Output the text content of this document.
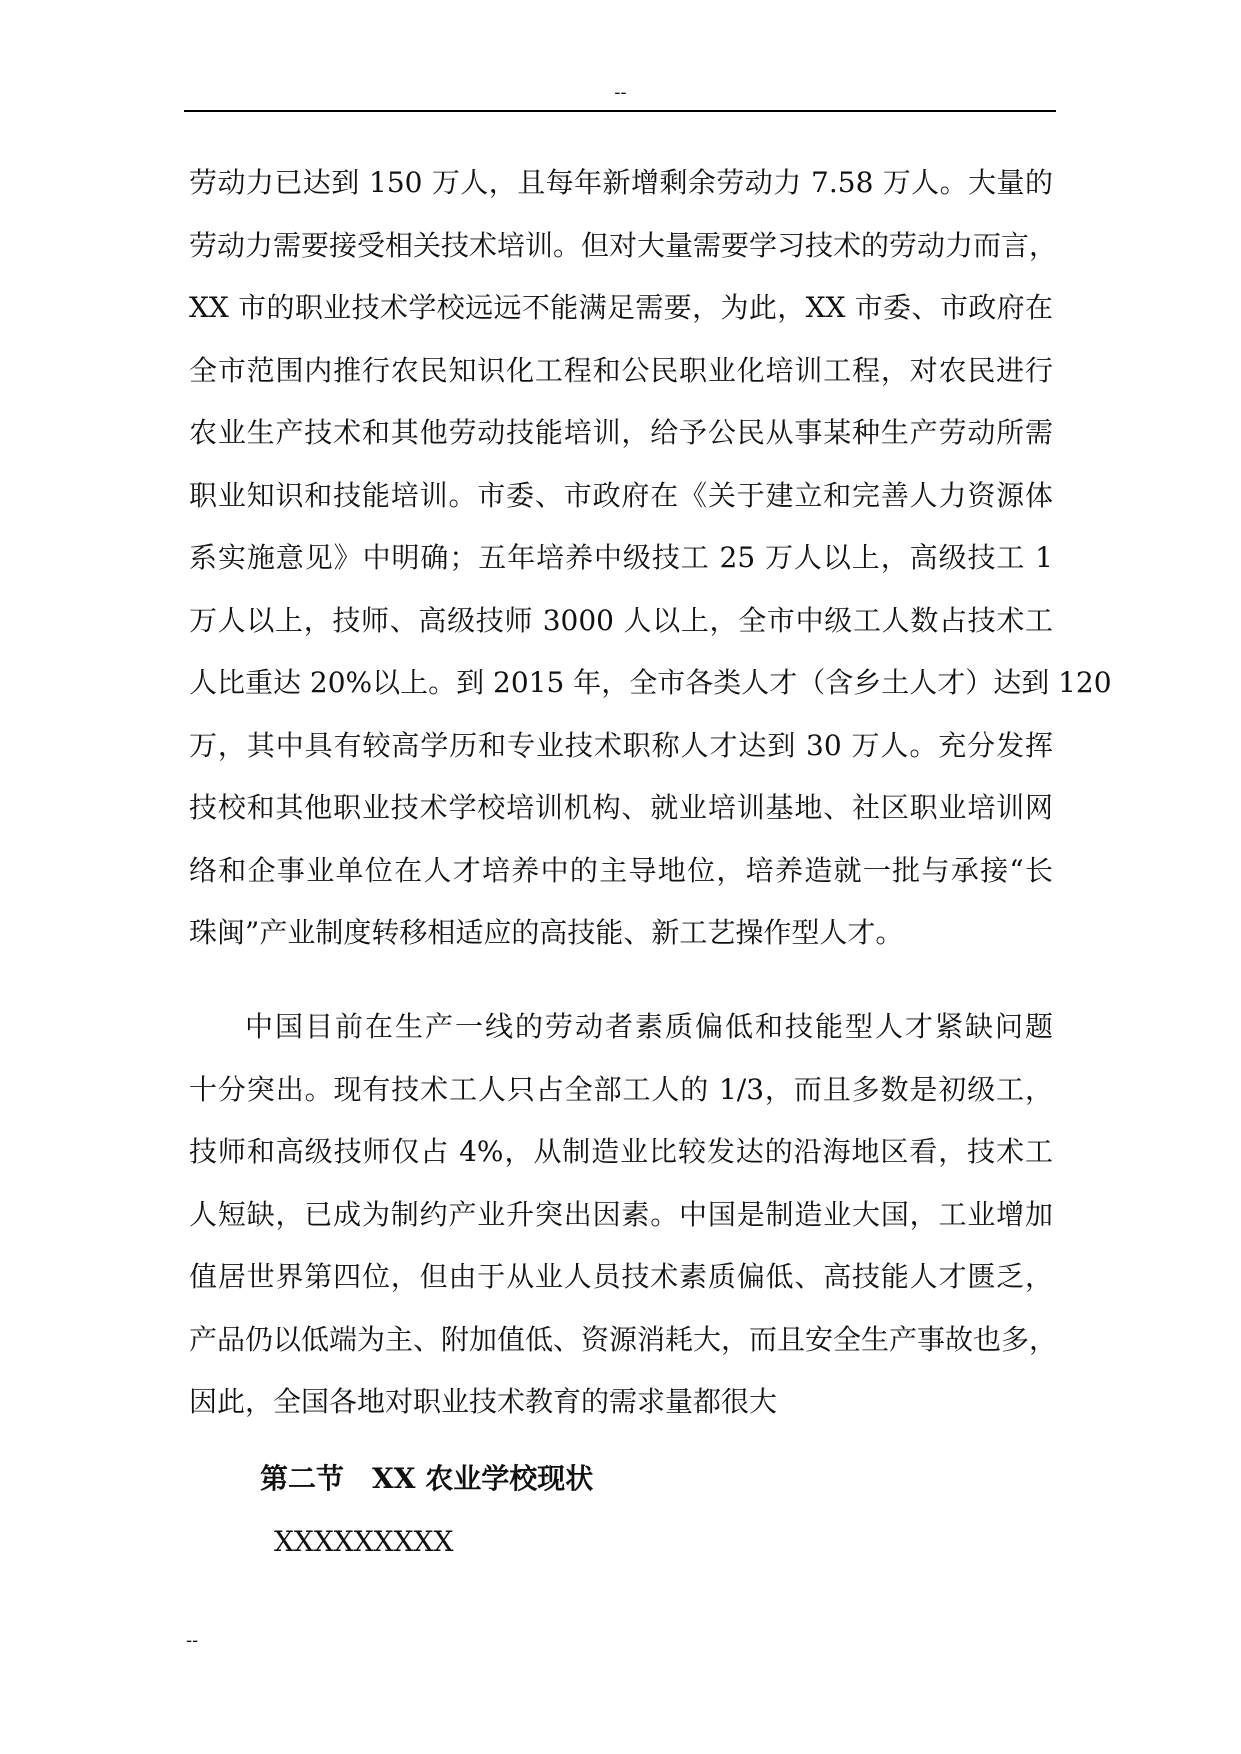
--
劳动力已达到 150 万人，且每年新增剩余劳动力 7.58 万人。大量的
劳动力需要接受相关技术培训。但对大量需要学习技术的劳动力而言，
XX 市的职业技术学校远远不能满足需要，为此，XX 市委、市政府在
全市范围内推行农民知识化工程和公民职业化培训工程，对农民进行
农业生产技术和其他劳动技能培训，给予公民从事某种生产劳动所需
职业知识和技能培训。市委、市政府在《关于建立和完善人力资源体
系实施意见》中明确；五年培养中级技工 25 万人以上，高级技工 1
万人以上，技师、高级技师 3000 人以上，全市中级工人数占技术工
人比重达 20%以上。到 2015 年，全市各类人才（含乡土人才）达到 120
万，其中具有较高学历和专业技术职称人才达到 30 万人。充分发挥
技校和其他职业技术学校培训机构、就业培训基地、社区职业培训网
络和企事业单位在人才培养中的主导地位，培养造就一批与承接“长
珠闽”产业制度转移相适应的高技能、新工艺操作型人才。
中国目前在生产一线的劳动者素质偏低和技能型人才紧缺问题
十分突出。现有技术工人只占全部工人的 1/3，而且多数是初级工，
技师和高级技师仅占 4%，从制造业比较发达的沿海地区看，技术工
人短缺，已成为制约产业升突出因素。中国是制造业大国，工业增加
值居世界第四位，但由于从业人员技术素质偏低、高技能人才匮乏，
产品仍以低端为主、附加值低、资源消耗大，而且安全生产事故也多，
因此，全国各地对职业技术教育的需求量都很大
第二节　XX 农业学校现状
XXXXXXXXX
--
